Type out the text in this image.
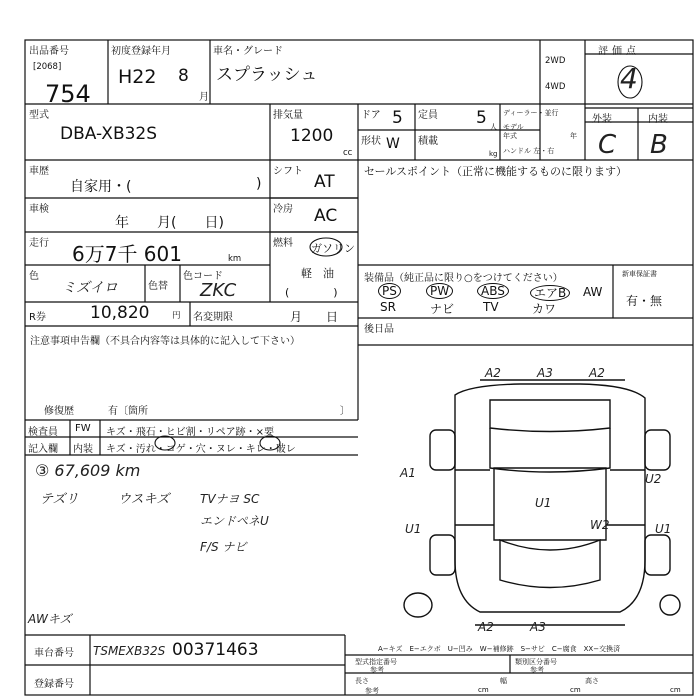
出品番号
[2068]
754
初度登録年月
H22 8
月
車名・グレード
スプラッシュ
2WD
4WD
評価点
4
外装	内装
C B
型式
DBA-XB32S
排気量
1200
cc
ドア 5
形状 W
定員 5 人
積載
kg
ディーラー・並行
モデル
年式	年
ハンドル 左・右
車歴
自家用・(	)
車検
年　　月(　　日)
走行 6万7千 601	km
色
ミズイロ	色替
色コード
ZKC
R券	10,820	円 名変期限	月　　日
シフト
AT
冷房 AC
燃料 ガソリン
軽　油
(　　　　)
セールスポイント（正常に機能するものに限ります）
装備品（純正品に限り○をつけてください）
PS	PW	ABS	エアB	AW
SR	ナビ TV	カワ
新車保証書
有・無
後日品
注意事項申告欄（不具合内容等は具体的に記入して下さい）
修復歴	有〔箇所	〕
検査員
記入欄
FW
内装
キズ・飛石・ヒビ割・リペア跡・×要
キズ・汚れ・コゲ・穴・ヌレ・キレ・破レ
③ 67,609 km
テズリ	ウスキズ	TVナヨ SC
エンドペネU
F/S ナビ
AWキズ
A2	A3	A2
A1	U2
U1
U1	W2	U1
A2	A3
A−キズ　E−エクボ　U−凹み　W−補修跡　S−サビ　C−腐食　XX−交換済
車台番号 TSMEXB32S 00371463
登録番号
型式指定番号
参考
類別区分番号
参考
長さ
参考	cm
幅
cm
高さ
cm
